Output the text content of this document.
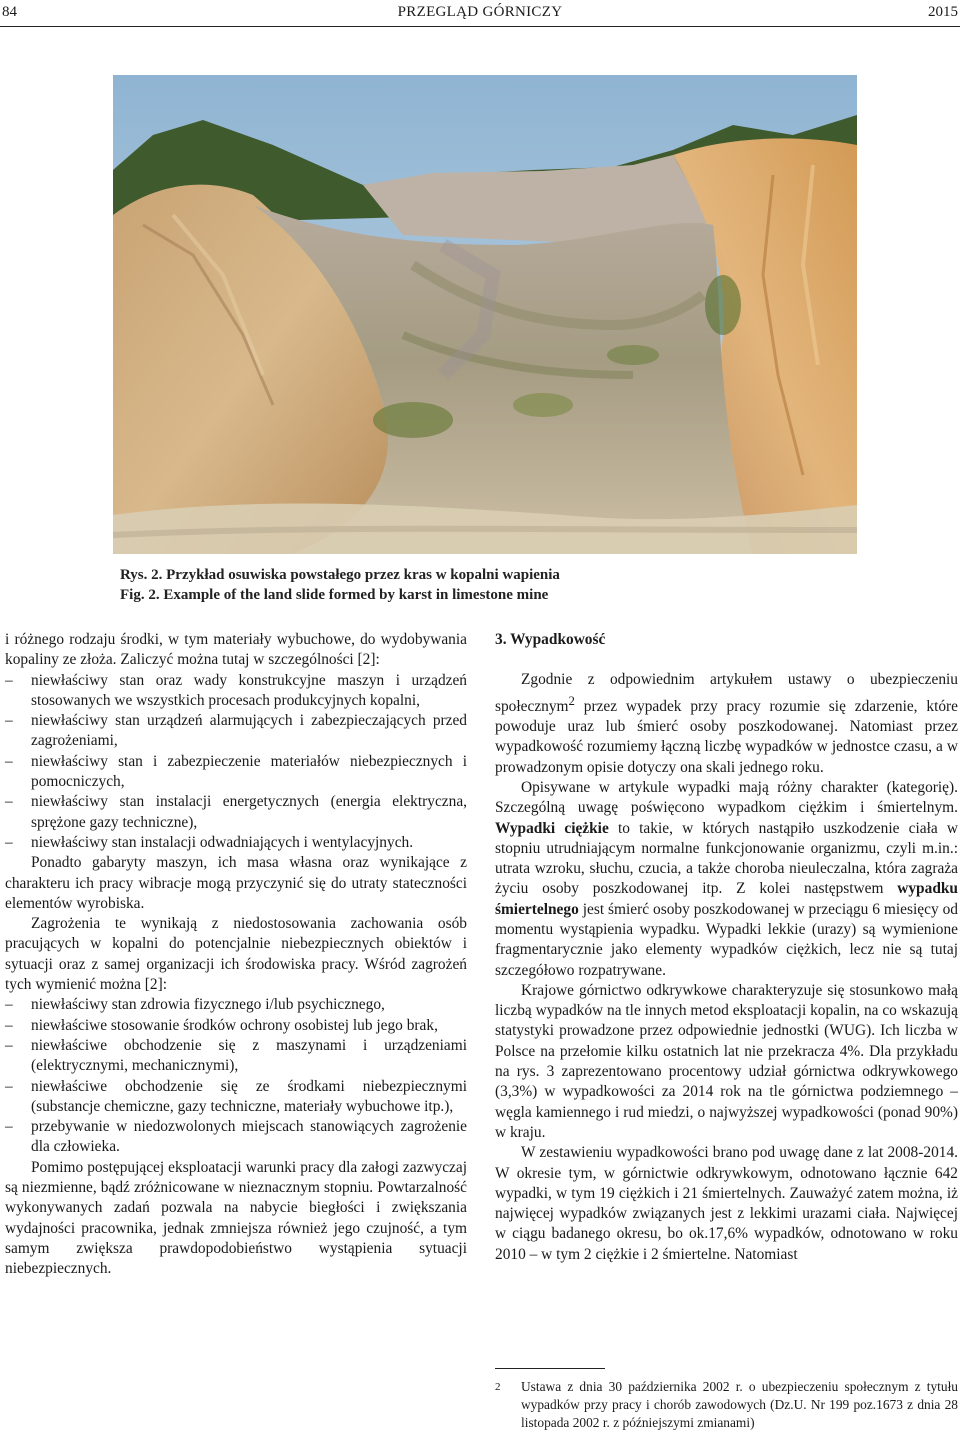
84	PRZEGLĄD GÓRNICZY	2015
Rys. 2. Przykład osuwiska powstałego przez kras w kopalni wapienia
Fig. 2. Example of the land slide formed by karst in limestone mine

i różnego rodzaju środki, w tym materiały wybuchowe, do wydobywania kopaliny ze złoża. Zaliczyć można tutaj w szczególności [2]:

– niewłaściwy stan oraz wady konstrukcyjne maszyn i urządzeń stosowanych we wszystkich procesach produkcyjnych kopalni,
– niewłaściwy stan urządzeń alarmujących i zabezpieczających przed zagrożeniami,
– niewłaściwy stan i zabezpieczenie materiałów niebezpiecznych i pomocniczych,
– niewłaściwy stan instalacji energetycznych (energia elektryczna, sprężone gazy techniczne),
– niewłaściwy stan instalacji odwadniających i wentylacyjnych.

Ponadto gabaryty maszyn, ich masa własna oraz wynikające z charakteru ich pracy wibracje mogą przyczynić się do utraty stateczności elementów wyrobiska.

Zagrożenia te wynikają z niedostosowania zachowania osób pracujących w kopalni do potencjalnie niebezpiecznych obiektów i sytuacji oraz z samej organizacji ich środowiska pracy. Wśród zagrożeń tych wymienić można [2]:

– niewłaściwy stan zdrowia fizycznego i/lub psychicznego,
– niewłaściwe stosowanie środków ochrony osobistej lub jego brak,
– niewłaściwe obchodzenie się z maszynami i urządzeniami (elektrycznymi, mechanicznymi),
– niewłaściwe obchodzenie się ze środkami niebezpiecznymi (substancje chemiczne, gazy techniczne, materiały wybuchowe itp.),
– przebywanie w niedozwolonych miejscach stanowiących zagrożenie dla człowieka.

Pomimo postępującej eksploatacji warunki pracy dla załogi zazwyczaj są niezmienne, bądź zróżnicowane w nieznacznym stopniu. Powtarzalność wykonywanych zadań pozwala na nabycie biegłości i zwiększania wydajności pracownika, jednak zmniejsza również jego czujność, a tym samym zwiększa prawdopodobieństwo wystąpienia sytuacji niebezpiecznych.

3. Wypadkowość

Zgodnie z odpowiednim artykułem ustawy o ubezpieczeniu społecznym$^2$ przez wypadek przy pracy rozumie się zdarzenie, które powoduje uraz lub śmierć osoby poszkodowanej. Natomiast przez wypadkowość rozumiemy łączną liczbę wypadków w jednostce czasu, a w prowadzonym opisie dotyczy ona skali jednego roku.

Opisywane w artykule wypadki mają różny charakter (kategorię). Szczególną uwagę poświęcono wypadkom ciężkim i śmiertelnym. Wypadki ciężkie to takie, w których nastąpiło uszkodzenie ciała w stopniu utrudniającym normalne funkcjonowanie organizmu, czyli m.in.: utrata wzroku, słuchu, czucia, a także choroba nieuleczalna, która zagraża życiu osoby poszkodowanej itp. Z kolei następstwem wypadku śmiertelnego jest śmierć osoby poszkodowanej w przeciągu 6 miesięcy od momentu wystąpienia wypadku. Wypadki lekkie (urazy) są wymienione fragmentarycznie jako elementy wypadków ciężkich, lecz nie są tutaj szczegółowo rozpatrywane.

Krajowe górnictwo odkrywkowe charakteryzuje się stosunkowo małą liczbą wypadków na tle innych metod eksploatacji kopalin, na co wskazują statystyki prowadzone przez odpowiednie jednostki (WUG). Ich liczba w Polsce na przełomie kilku ostatnich lat nie przekracza 4%. Dla przykładu na rys. 3 zaprezentowano procentowy udział górnictwa odkrywkowego (3,3%) w wypadkowości za 2014 rok na tle górnictwa podziemnego – węgla kamiennego i rud miedzi, o najwyższej wypadkowości (ponad 90%) w kraju.

W zestawieniu wypadkowości brano pod uwagę dane z lat 2008-2014. W okresie tym, w górnictwie odkrywkowym, odnotowano łącznie 642 wypadki, w tym 19 ciężkich i 21 śmiertelnych. Zauważyć zatem można, iż najwięcej wypadków związanych jest z lekkimi urazami ciała. Najwięcej w ciągu badanego okresu, bo ok.17,6% wypadków, odnotowano w roku 2010 – w tym 2 ciężkie i 2 śmiertelne. Natomiast

2 Ustawa z dnia 30 października 2002 r. o ubezpieczeniu społecznym z tytułu wypadków przy pracy i chorób zawodowych (Dz.U. Nr 199 poz.1673 z dnia 28 listopada 2002 r. z późniejszymi zmianami)
